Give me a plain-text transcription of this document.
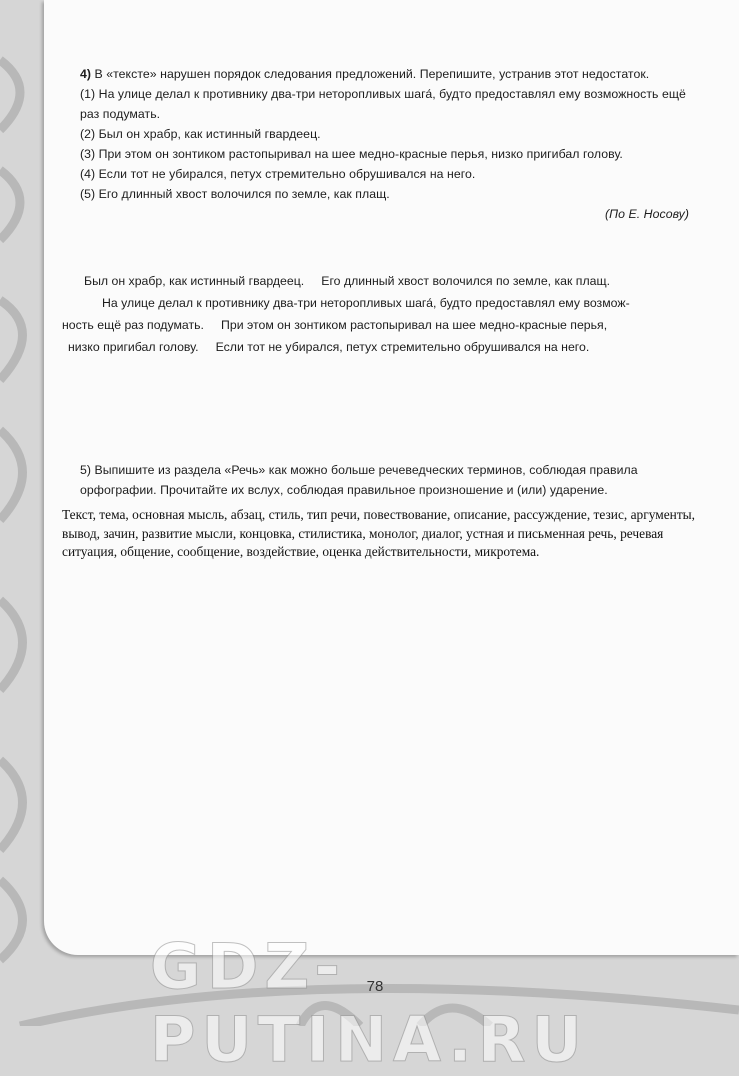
4) В «тексте» нарушен порядок следования предложений. Перепишите, устранив этот недостаток.

(1) На улице делал к противнику два-три неторопливых шага́, будто предоставлял ему возможность ещё раз подумать.

(2) Был он храбр, как истинный гвардеец.

(3) При этом он зонтиком растопыривал на шее медно-красные перья, низко пригибал голову.

(4) Если тот не убирался, петух стремительно обрушивался на него.

(5) Его длинный хвост волочился по земле, как плащ.

(По Е. Носову)

Был он храбр, как истинный гвардеец.     Его длинный хвост волочился по земле, как плащ.

На улице делал к противнику два-три неторопливых шага́, будто предоставлял ему возмож-

ность ещё раз подумать.     При этом он зонтиком растопыривал на шее медно-красные перья,

низко пригибал голову.     Если тот не убирался, петух стремительно обрушивался на него.

5) Выпишите из раздела «Речь» как можно больше речеведческих терминов, соблюдая правила орфографии. Прочитайте их вслух, соблюдая правильное произношение и (или) ударение.

Текст, тема, основная мысль, абзац, стиль, тип речи, повествование, описание, рассуждение, тезис, аргументы, вывод, зачин, развитие мысли, концовка, стилистика, монолог, диалог, устная и письменная речь, речевая ситуация, общение, сообщение, воздействие, оценка действительности, микротема.

GDZ-PUTINA.RU
78
